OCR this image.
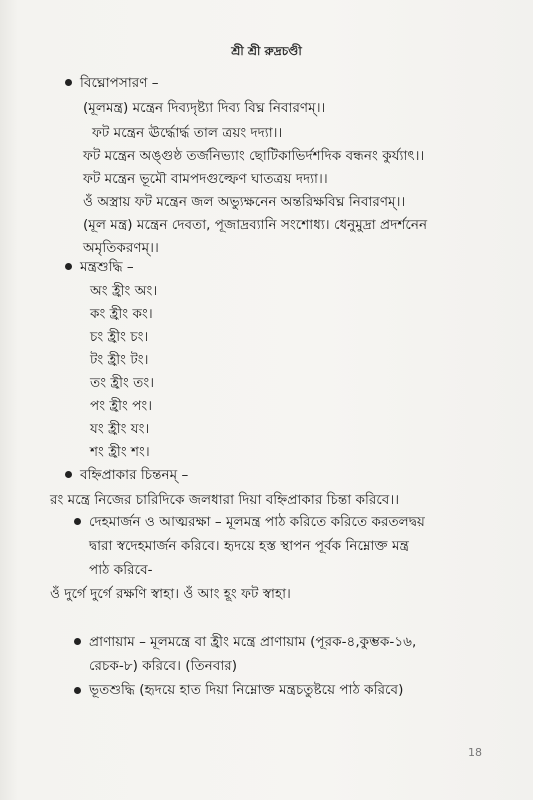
শ্রী শ্রী রুদ্রচণ্ডী
বিঘ্নোপসারণ –
(মূলমন্ত্র) মন্ত্রেন দিব্যদৃষ্ট্যা দিব্য বিঘ্ন নিবারণম্।।
ফট মন্ত্রেন ঊর্দ্ধোর্দ্ধ তাল ত্রয়ং দদ্যা।।
ফট মন্ত্রেন অঙ্গুষ্ঠ তর্জনিভ্যাং ছোটিকাভির্দশদিক বন্ধনং কুর্য্যাৎ।।
ফট মন্ত্রেন ভূমৌ বামপদগুল্ফেণ ঘাতত্রয় দদ্যা।।
ওঁ অস্ত্রায় ফট মন্ত্রেন জল অভ্যুক্ষনেন অন্তরিক্ষবিঘ্ন নিবারণম্।।
(মূল মন্ত্র) মন্ত্রেন দেবতা, পূজাদ্রব্যানি সংশোধ্য। ধেনুমুদ্রা প্রদর্শনেন
অমৃতিকরণম্।।
মন্ত্রশুদ্ধি –
অং হ্রীং অং।
কং হ্রীং কং।
চং হ্রীং চং।
টং হ্রীং টং।
তং হ্রীং তং।
পং হ্রীং পং।
যং হ্রীং যং।
শং হ্রীং শং।
বহ্নিপ্রাকার চিন্তনম্ –
রং মন্ত্রে নিজের চারিদিকে জলধারা দিয়া বহ্নিপ্রাকার চিন্তা করিবে।।
দেহমার্জন ও আত্মরক্ষা – মূলমন্ত্র পাঠ করিতে করিতে করতলদ্বয়
দ্বারা স্বদেহমার্জন করিবে। হৃদয়ে হস্ত স্থাপন পূর্বক নিম্নোক্ত মন্ত্র
পাঠ করিবে-
ওঁ দুর্গে দুর্গে রক্ষণি স্বাহা। ওঁ আং হূং ফট স্বাহা।
প্রাণায়াম – মূলমন্ত্রে বা হ্রীং মন্ত্রে প্রাণায়াম (পূরক-৪,কুম্ভক-১৬,
রেচক-৮) করিবে। (তিনবার)
ভূতশুদ্ধি (হৃদয়ে হাত দিয়া নিম্নোক্ত মন্ত্রচতুষ্টয়ে পাঠ করিবে)
18
